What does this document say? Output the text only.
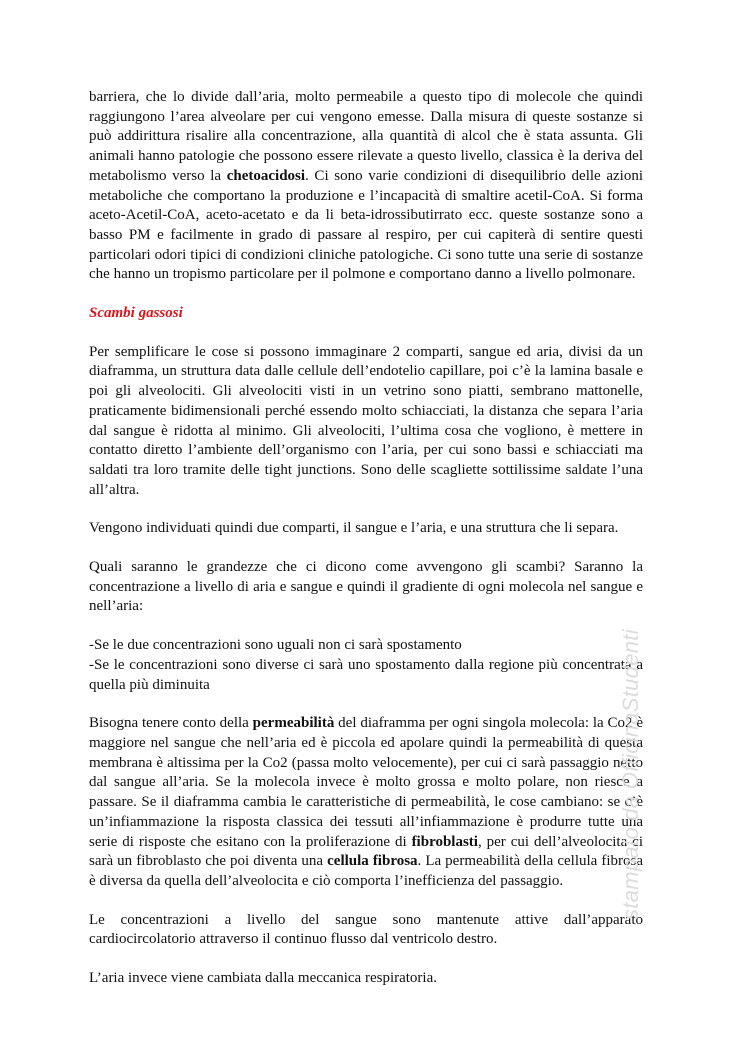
barriera, che lo divide dall’aria, molto permeabile a questo tipo di molecole che quindi raggiungono l’area alveolare per cui vengono emesse. Dalla misura di queste sostanze si può addirittura risalire alla concentrazione, alla quantità di alcol che è stata assunta. Gli animali hanno patologie che possono essere rilevate a questo livello, classica è la deriva del metabolismo verso la chetoacidosi. Ci sono varie condizioni di disequilibrio delle azioni metaboliche che comportano la produzione e l’incapacità di smaltire acetil-CoA. Si forma aceto-Acetil-CoA, aceto-acetato e da li beta-idrossibutirrato ecc. queste sostanze sono a basso PM e facilmente in grado di passare al respiro, per cui capiterà di sentire questi particolari odori tipici di condizioni cliniche patologiche. Ci sono tutte una serie di sostanze che hanno un tropismo particolare per il polmone e comportano danno a livello polmonare.

Scambi gassosi

Per semplificare le cose si possono immaginare 2 comparti, sangue ed aria, divisi da un diaframma, un struttura data dalle cellule dell’endotelio capillare, poi c’è la lamina basale e poi gli alveolociti. Gli alveolociti visti in un vetrino sono piatti, sembrano mattonelle, praticamente bidimensionali perché essendo molto schiacciati, la distanza che separa l’aria dal sangue è ridotta al minimo. Gli alveolociti, l’ultima cosa che vogliono, è mettere in contatto diretto l’ambiente dell’organismo con l’aria, per cui sono bassi e schiacciati ma saldati tra loro tramite delle tight junctions. Sono delle scagliette sottilissime saldate l’una all’altra.

Vengono individuati quindi due comparti, il sangue e l’aria, e una struttura che li separa.

Quali saranno le grandezze che ci dicono come avvengono gli scambi? Saranno la concentrazione a livello di aria e sangue e quindi il gradiente di ogni molecola nel sangue e nell’aria:

-Se le due concentrazioni sono uguali non ci sarà spostamento

-Se le concentrazioni sono diverse ci sarà uno spostamento dalla regione più concentrata a quella più diminuita

Bisogna tenere conto della permeabilità del diaframma per ogni singola molecola: la Co2 è maggiore nel sangue che nell’aria ed è piccola ed apolare quindi la permeabilità di questa membrana è altissima per la Co2 (passa molto velocemente), per cui ci sarà passaggio netto dal sangue all’aria. Se la molecola invece è molto grossa e molto polare, non riesce a passare. Se il diaframma cambia le caratteristiche di permeabilità, le cose cambiano: se c’è un’infiammazione la risposta classica dei tessuti all’infiammazione è produrre tutte una serie di risposte che esitano con la proliferazione di fibroblasti, per cui dell’alveolocita ci sarà un fibroblasto che poi diventa una cellula fibrosa. La permeabilità della cellula fibrosa è diversa da quella dell’alveolocita e ciò comporta l’inefficienza del passaggio.

Le concentrazioni a livello del sangue sono mantenute attive dall’apparato cardiocircolatorio attraverso il continuo flusso dal ventricolo destro.

L’aria invece viene cambiata dalla meccanica respiratoria.

stampato da OfficinaStudenti
